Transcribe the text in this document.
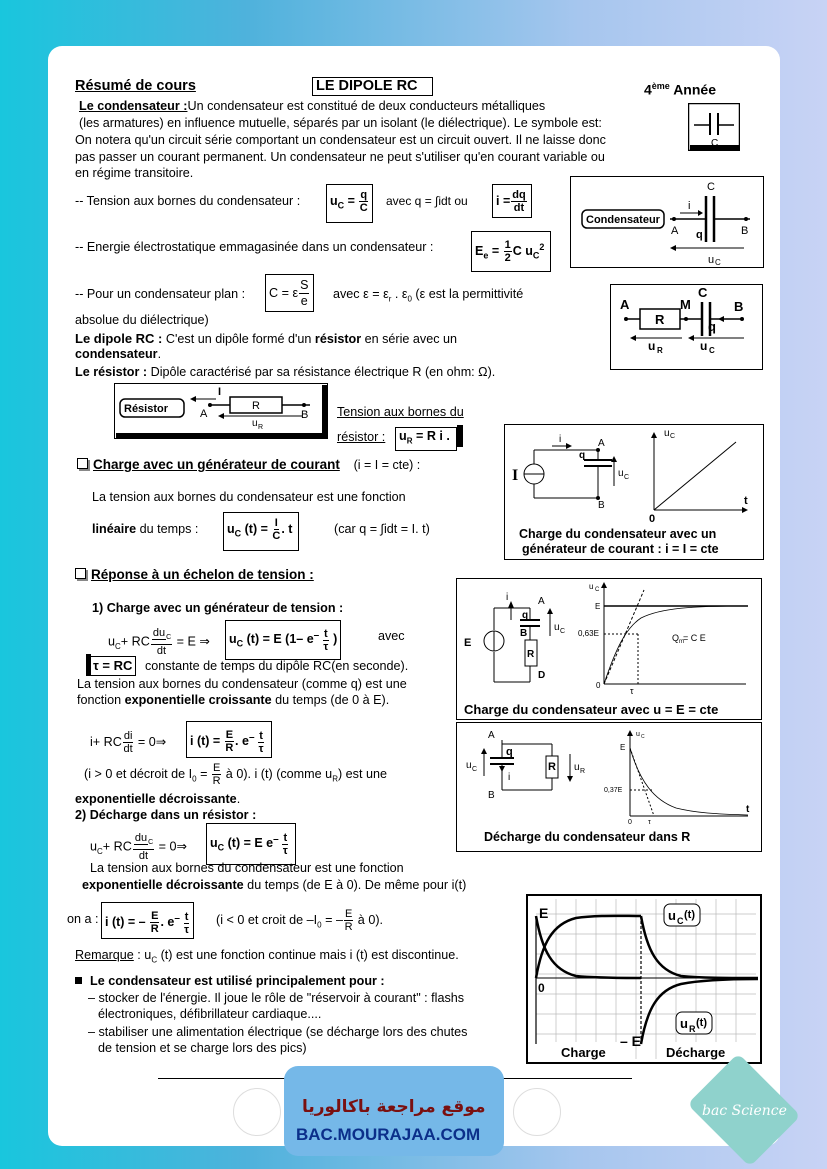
Résumé de cours	LE DIPOLE RC	4ème Année
Le condensateur :Un condensateur est constitué de deux conducteurs métalliques
(les armatures) en influence mutuelle, séparés par un isolant (le diélectrique). Le symbole est:
On notera qu'un circuit série comportant un condensateur est un circuit ouvert. Il ne laisse donc
pas passer un courant permanent. Un condensateur ne peut s'utiliser qu'en courant variable ou
en régime transitoire.
C
-- Tension aux bornes du condensateur :	$u_C = \frac{q}{C}$ avec q = ∫idt ou	$i = \frac{dq}{dt}$
-- Energie électrostatique emmagasinée dans un condensateur :	$E_e = \frac{1}{2}$ C $u_C^2$
Condensateur
C
i
q
A	B
u C
-- Pour un condensateur plan :	C = ε $\frac{S}{e}$ avec $\varepsilon = \varepsilon_r$ . $\varepsilon_0$ (ε est la permittivité
absolue du diélectrique)
A
R
M
C
q
B
u R	u C
Le dipole RC : C'est un dipôle formé d'un résistor en série avec un
condensateur.
Le résistor : Dipôle caractérisé par sa résistance électrique R (en ohm: Ω).
Résistor
I
R
A	B
u R
Tension aux bornes du
résistor :	$u_R = R$ i .
Charge avec un générateur de courant (i = I = cte) :
La tension aux bornes du condensateur est une fonction
linéaire du temps :	$u_C$ $(t) = \frac{I}{C}$ . t	(car q = ∫idt = I. t)
i	A
q
u C
B
I
u C
t
0
Charge du condensateur avec un
générateur de courant : i = I = cte
Réponse à un échelon de tension :
1) Charge avec un générateur de tension :
$u_C+$ RC $\frac{du_C}{dt} = E$ ⇒	$u_C$ (t) = E (1– $e^- \frac{t}{\tau}$ )	avec
τ = RC constante de temps du dipôle RC(en seconde).
La tension aux bornes du condensateur (comme q) est une
fonction exponentielle croissante du temps (de 0 à E).
i+ RC $\frac{di}{dt}$ = 0⇒	i $(t) = \frac{E}{R}$ . $e^- \frac{t}{\tau}$
(i > 0 et décroit de $I_0 = \frac{E}{R}$ à 0). i (t) (comme $u_R$) est une
exponentielle décroissante.
2) Décharge dans un résistor :
$u_C+$ RC $\frac{du_C}{dt}$ = 0⇒	$u_C$ (t) = E $e^- \frac{t}{\tau}$
La tension aux bornes du condensateur est une fonction
exponentielle décroissante du temps (de E à 0). De même pour i(t)
on a : i (t) = – $\frac{E}{R}$ . $e^- \frac{t}{\tau} (i < 0$ et croit de $-I_0$ = – $\frac{E}{R}$ à 0).
Remarque : $u_C$ (t) est une fonction continue mais i (t) est discontinue.
Le condensateur est utilisé principalement pour :
– stocker de l'énergie. Il joue le rôle de "réservoir à courant" : flashs
électroniques, défibrillateur cardiaque....
– stabiliser une alimentation électrique (se décharge lors des chutes
de tension et se charge lors des pics)
i	A
q
B
R
D
E
u C
u C
E
0,63E	Q m = C E
0
τ
Charge du condensateur avec u = E = cte
A
q
i
R
u C	u R
B
u C
E
0,37E
0 τ
t
Décharge du condensateur dans R
u C (t)
u R (t)
E
0
– E
Charge	Décharge
موقع مراجعة باكالوريا
BAC.MOURAJAA.COM
bac Science
